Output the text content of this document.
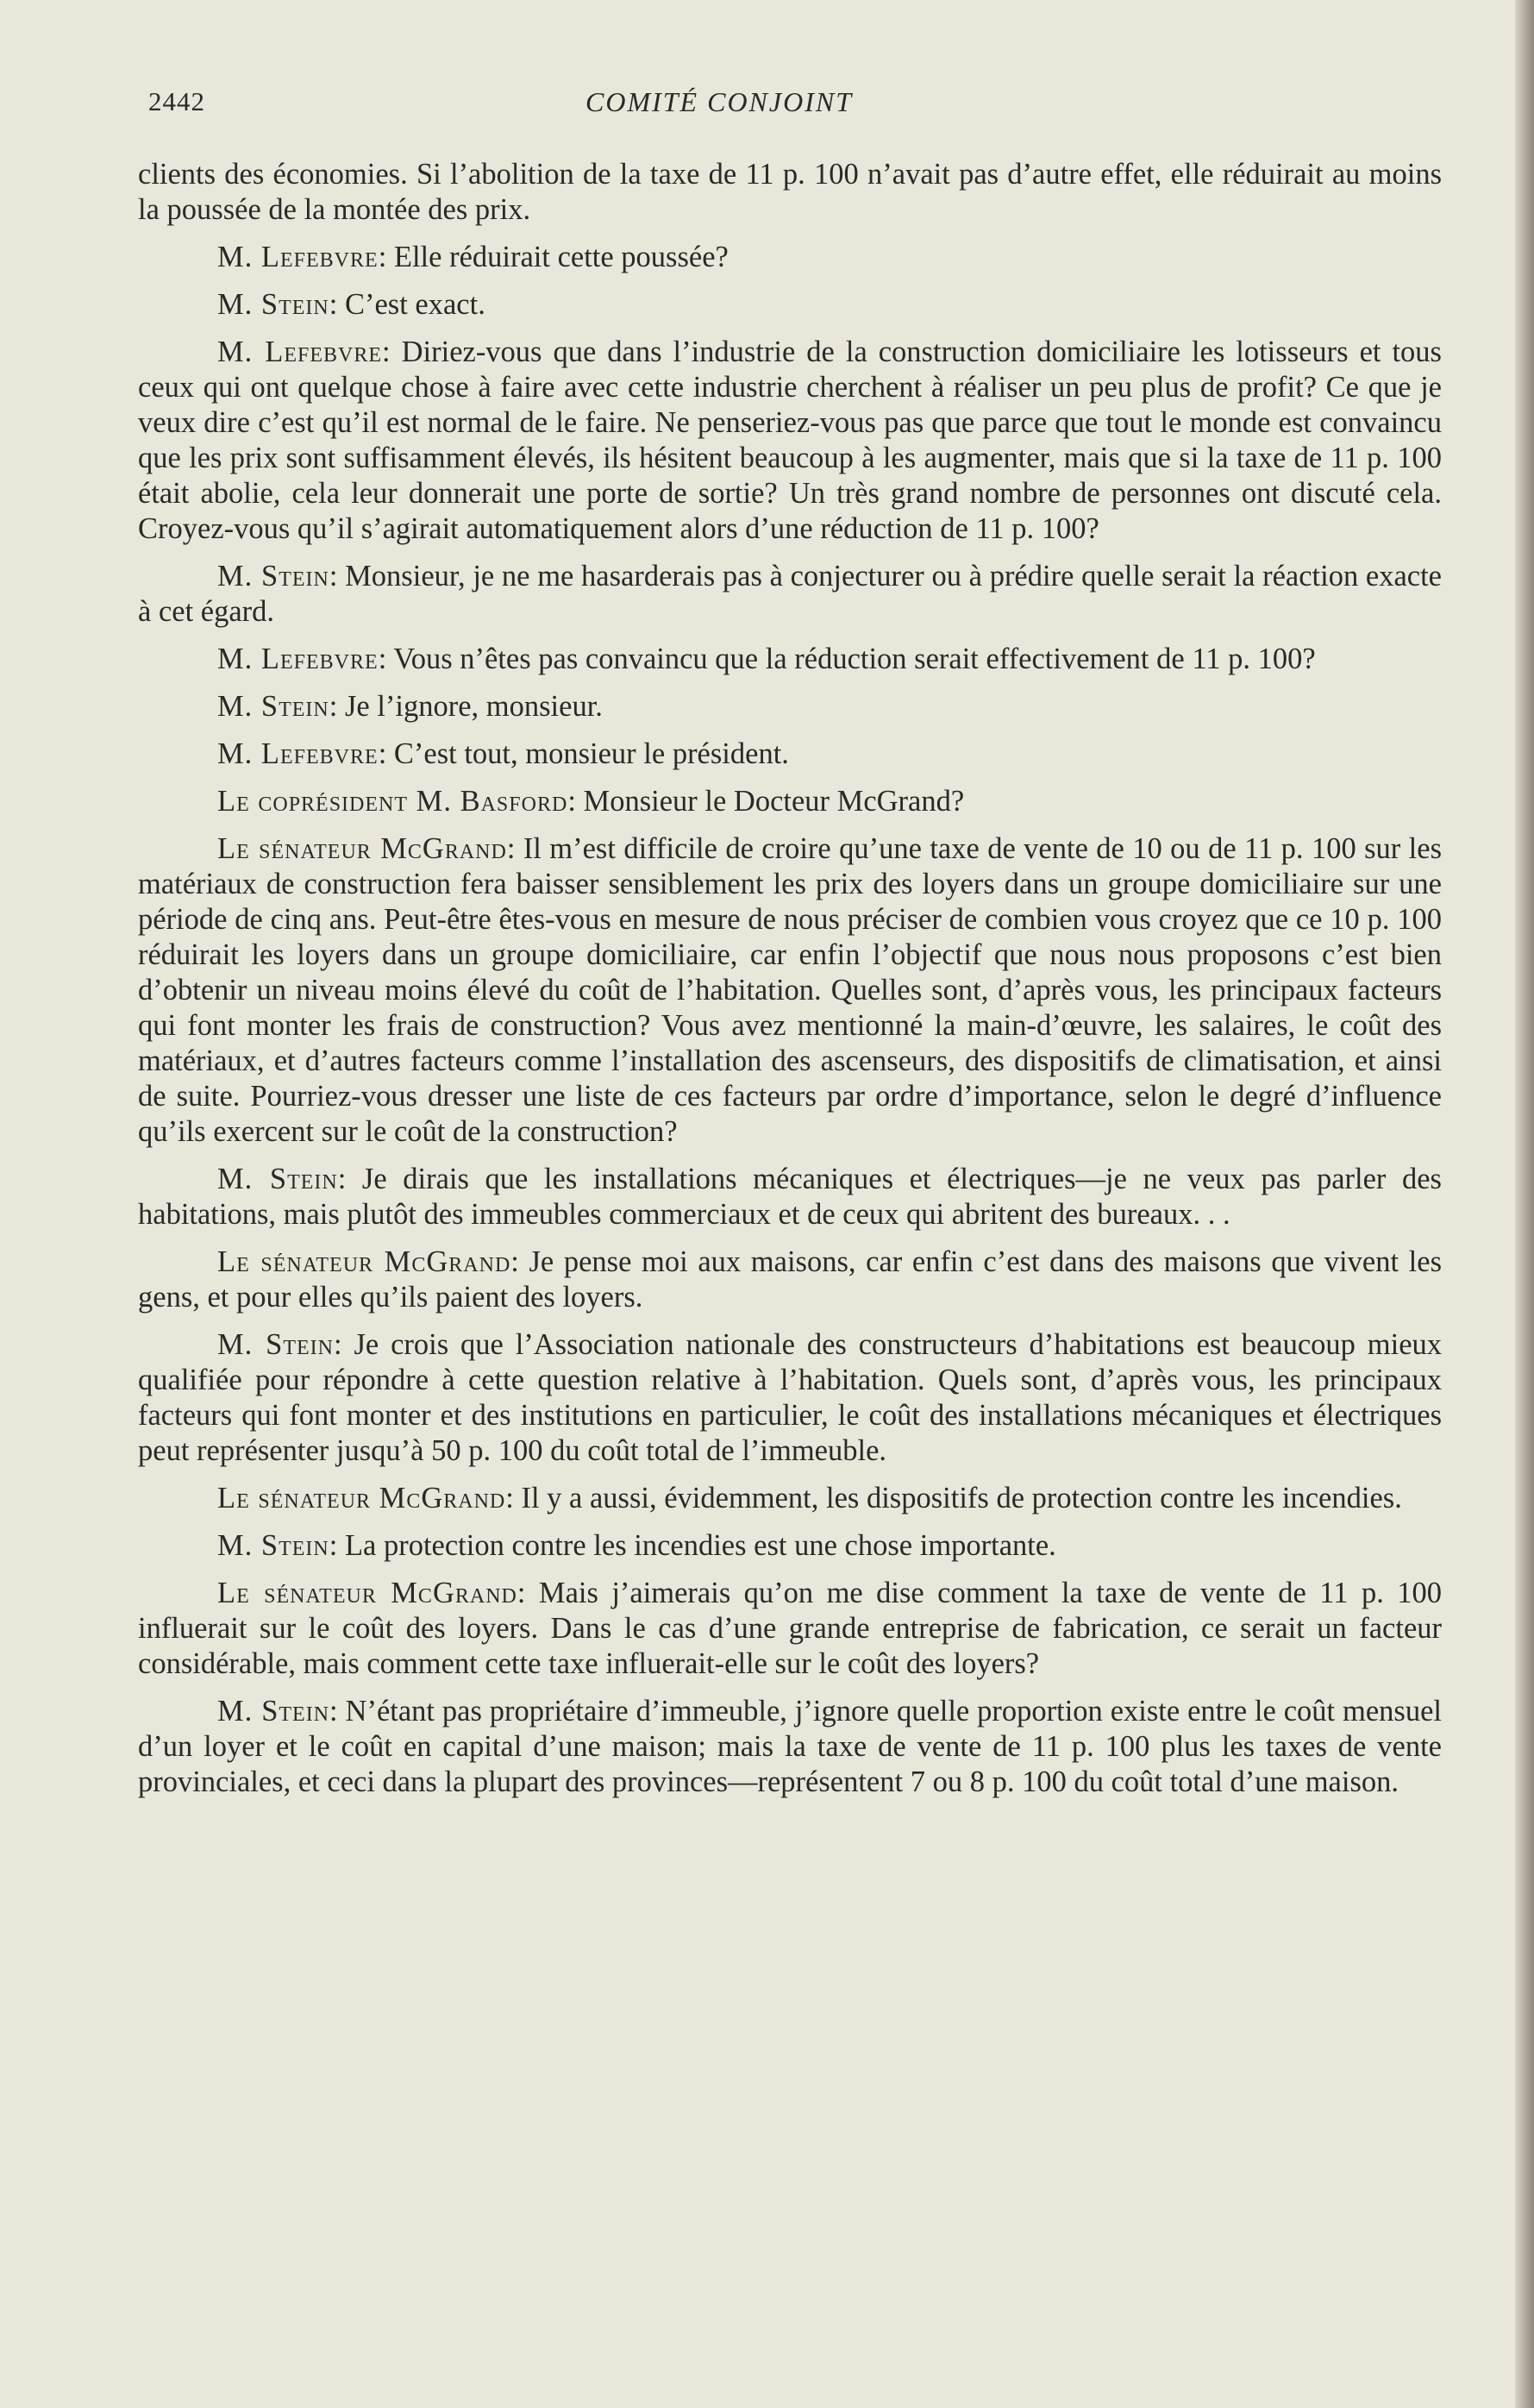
2442	COMITÉ CONJOINT

clients des économies. Si l’abolition de la taxe de 11 p. 100 n’avait pas d’autre effet, elle réduirait au moins la poussée de la montée des prix.

M. Lefebvre: Elle réduirait cette poussée?

M. Stein: C’est exact.

M. Lefebvre: Diriez-vous que dans l’industrie de la construction domiciliaire les lotisseurs et tous ceux qui ont quelque chose à faire avec cette industrie cherchent à réaliser un peu plus de profit? Ce que je veux dire c’est qu’il est normal de le faire. Ne penseriez-vous pas que parce que tout le monde est convaincu que les prix sont suffisamment élevés, ils hésitent beaucoup à les augmenter, mais que si la taxe de 11 p. 100 était abolie, cela leur donnerait une porte de sortie? Un très grand nombre de personnes ont discuté cela. Croyez-vous qu’il s’agirait automatiquement alors d’une réduction de 11 p. 100?

M. Stein: Monsieur, je ne me hasarderais pas à conjecturer ou à prédire quelle serait la réaction exacte à cet égard.

M. Lefebvre: Vous n’êtes pas convaincu que la réduction serait effectivement de 11 p. 100?

M. Stein: Je l’ignore, monsieur.

M. Lefebvre: C’est tout, monsieur le président.

Le coprésident M. Basford: Monsieur le Docteur McGrand?

Le sénateur McGrand: Il m’est difficile de croire qu’une taxe de vente de 10 ou de 11 p. 100 sur les matériaux de construction fera baisser sensiblement les prix des loyers dans un groupe domiciliaire sur une période de cinq ans. Peut-être êtes-vous en mesure de nous préciser de combien vous croyez que ce 10 p. 100 réduirait les loyers dans un groupe domiciliaire, car enfin l’objectif que nous nous proposons c’est bien d’obtenir un niveau moins élevé du coût de l’habitation. Quelles sont, d’après vous, les principaux facteurs qui font monter les frais de construction? Vous avez mentionné la main-d’œuvre, les salaires, le coût des matériaux, et d’autres facteurs comme l’installation des ascenseurs, des dispositifs de climatisation, et ainsi de suite. Pourriez-vous dresser une liste de ces facteurs par ordre d’importance, selon le degré d’influence qu’ils exercent sur le coût de la construction?

M. Stein: Je dirais que les installations mécaniques et électriques—je ne veux pas parler des habitations, mais plutôt des immeubles commerciaux et de ceux qui abritent des bureaux. . .

Le sénateur McGrand: Je pense moi aux maisons, car enfin c’est dans des maisons que vivent les gens, et pour elles qu’ils paient des loyers.

M. Stein: Je crois que l’Association nationale des constructeurs d’habitations est beaucoup mieux qualifiée pour répondre à cette question relative à l’habitation. Quels sont, d’après vous, les principaux facteurs qui font monter et des institutions en particulier, le coût des installations mécaniques et électriques peut représenter jusqu’à 50 p. 100 du coût total de l’immeuble.

Le sénateur McGrand: Il y a aussi, évidemment, les dispositifs de protection contre les incendies.

M. Stein: La protection contre les incendies est une chose importante.

Le sénateur McGrand: Mais j’aimerais qu’on me dise comment la taxe de vente de 11 p. 100 influerait sur le coût des loyers. Dans le cas d’une grande entreprise de fabrication, ce serait un facteur considérable, mais comment cette taxe influerait-elle sur le coût des loyers?

M. Stein: N’étant pas propriétaire d’immeuble, j’ignore quelle proportion existe entre le coût mensuel d’un loyer et le coût en capital d’une maison; mais la taxe de vente de 11 p. 100 plus les taxes de vente provinciales, et ceci dans la plupart des provinces—représentent 7 ou 8 p. 100 du coût total d’une maison.
